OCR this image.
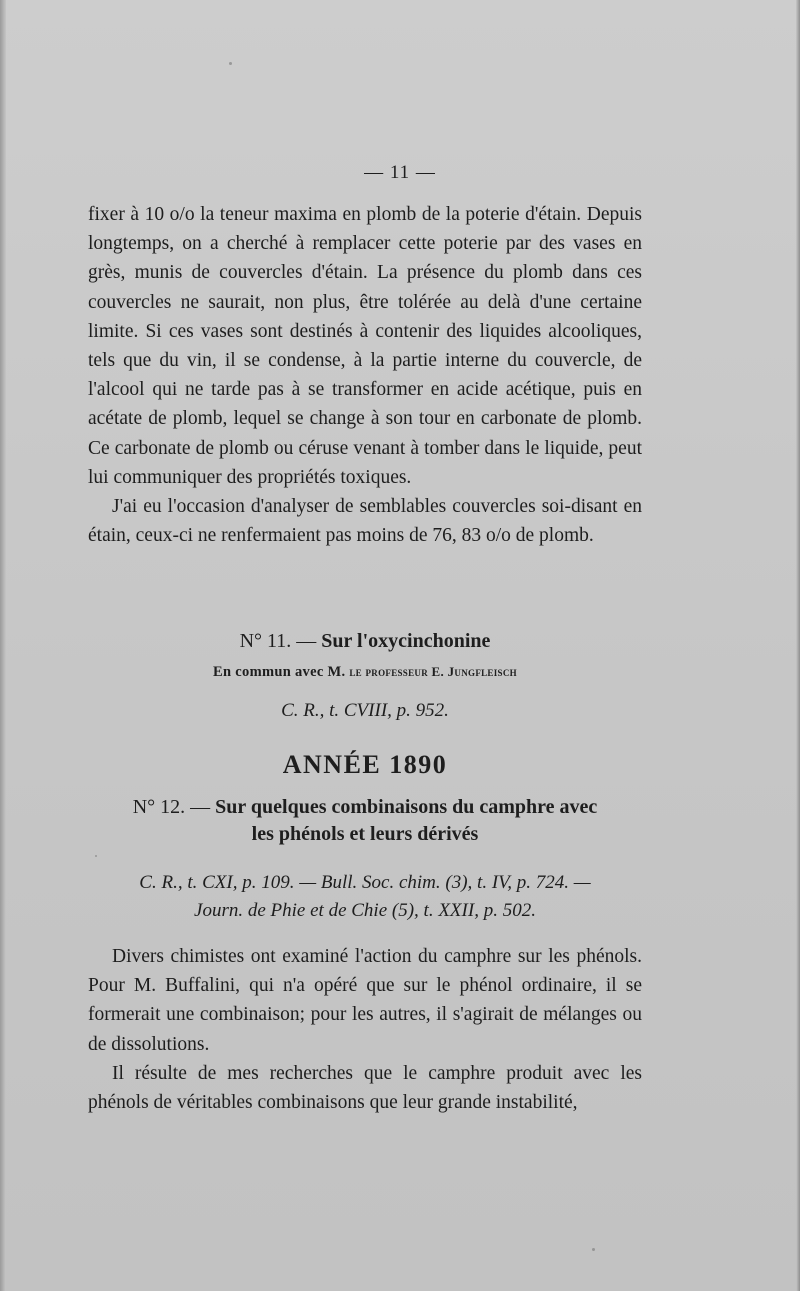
— 11 —

fixer à 10 o/o la teneur maxima en plomb de la poterie d'étain. Depuis longtemps, on a cherché à remplacer cette poterie par des vases en grès, munis de couvercles d'étain. La présence du plomb dans ces couvercles ne saurait, non plus, être tolérée au delà d'une certaine limite. Si ces vases sont destinés à contenir des liquides alcooliques, tels que du vin, il se condense, à la partie interne du couvercle, de l'alcool qui ne tarde pas à se transformer en acide acétique, puis en acétate de plomb, lequel se change à son tour en carbonate de plomb. Ce carbonate de plomb ou céruse venant à tomber dans le liquide, peut lui communiquer des propriétés toxiques.

J'ai eu l'occasion d'analyser de semblables couvercles soi-disant en étain, ceux-ci ne renfermaient pas moins de 76, 83 o/o de plomb.

N° 11. — Sur l'oxycinchonine
En commun avec M. le professeur E. Jungfleisch
C. R., t. CVIII, p. 952.
ANNÉE 1890
N° 12. — Sur quelques combinaisons du camphre avec
les phénols et leurs dérivés
C. R., t. CXI, p. 109. — Bull. Soc. chim. (3), t. IV, p. 724. —
Journ. de Phie et de Chie (5), t. XXII, p. 502.

Divers chimistes ont examiné l'action du camphre sur les phénols. Pour M. Buffalini, qui n'a opéré que sur le phénol ordinaire, il se formerait une combinaison; pour les autres, il s'agirait de mélanges ou de dissolutions.

Il résulte de mes recherches que le camphre produit avec les phénols de véritables combinaisons que leur grande instabilité,
